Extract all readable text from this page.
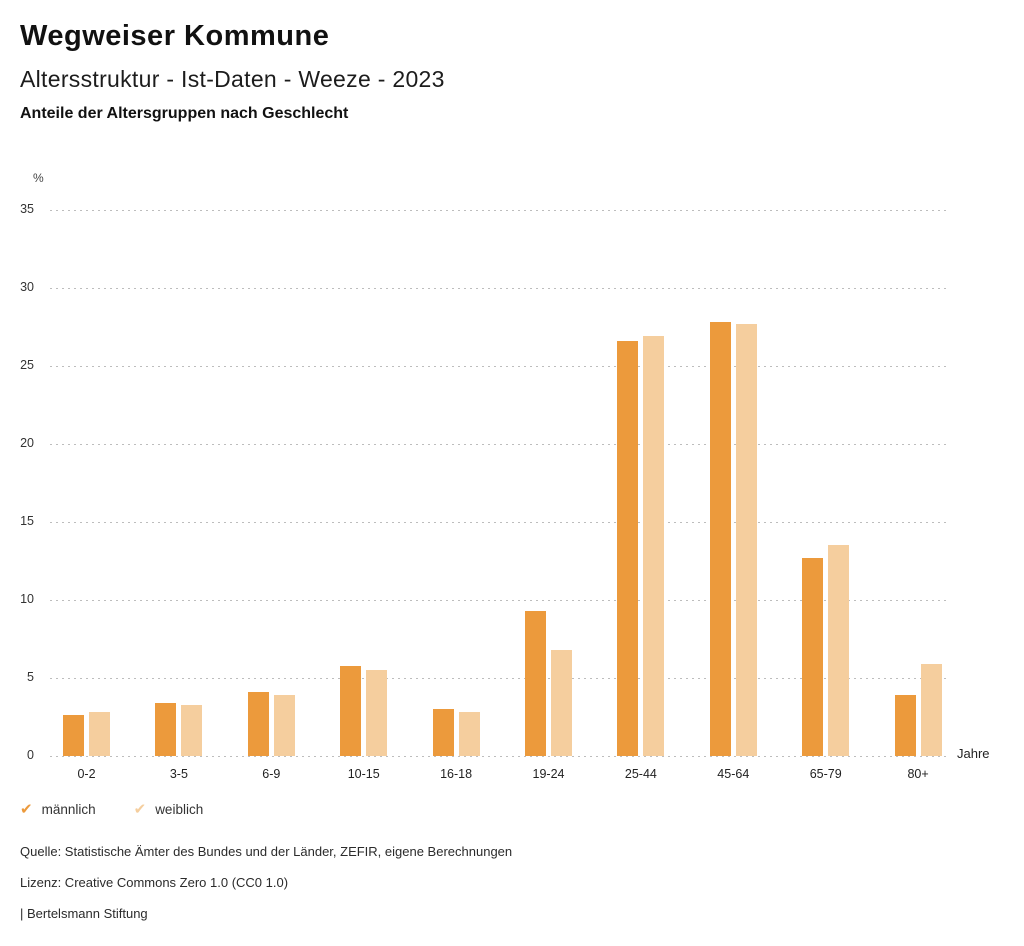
Wegweiser Kommune
Altersstruktur - Ist-Daten - Weeze - 2023
Anteile der Altersgruppen nach Geschlecht
%
0
5
10
15
20
25
30
35
0-2	3-5	6-9	10-15	16-18	19-24	25-44	45-64	65-79	80+
Jahre
✔ männlich	✔ weiblich
Quelle: Statistische Ämter des Bundes und der Länder, ZEFIR, eigene Berechnungen
Lizenz: Creative Commons Zero 1.0 (CC0 1.0)
| Bertelsmann Stiftung
